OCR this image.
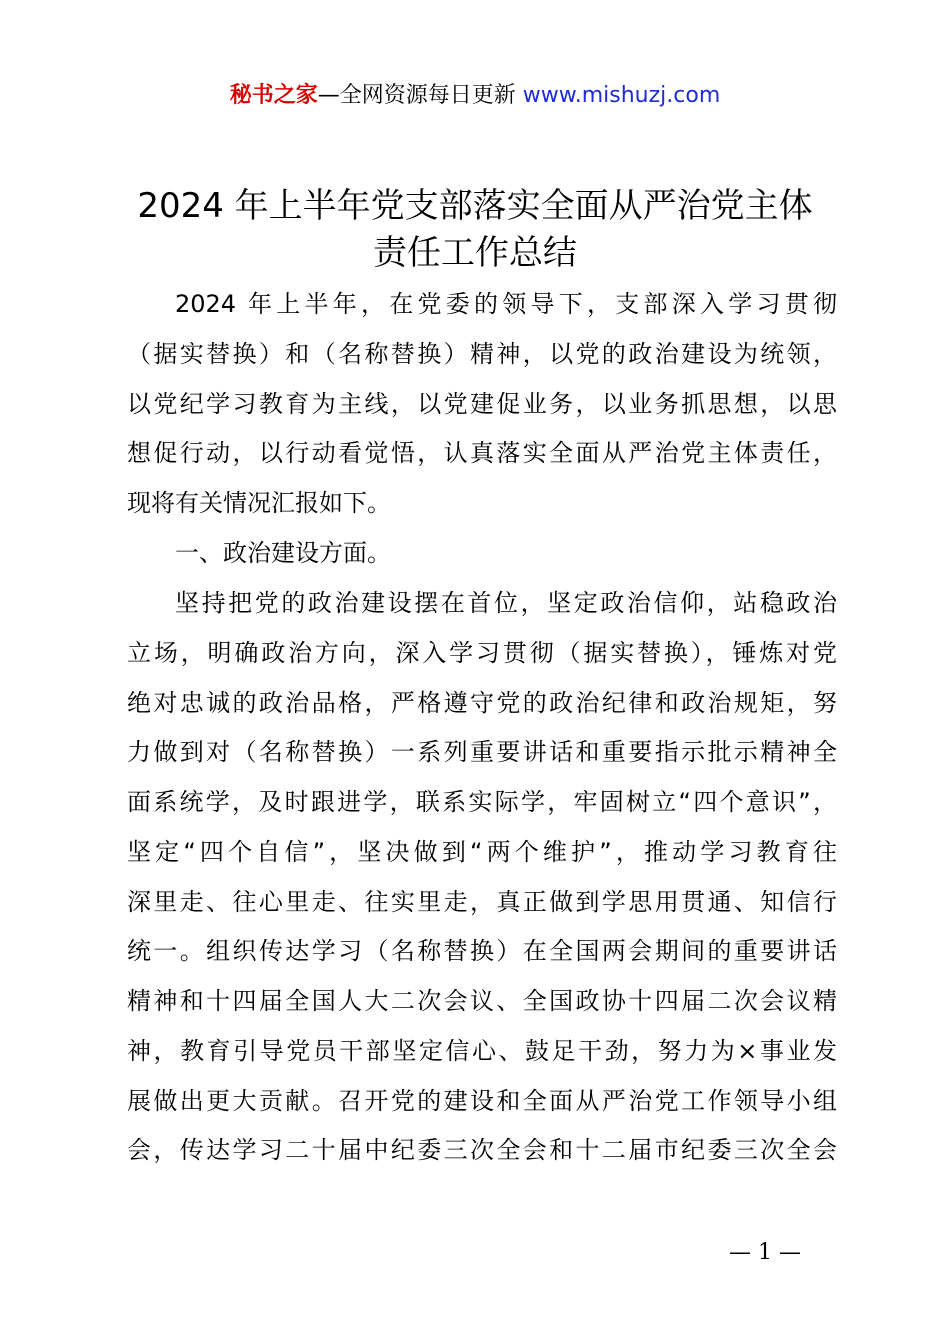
秘书之家—全网资源每日更新 www.mishuzj.com
2024 年上半年党支部落实全面从严治党主体
责任工作总结
2024 年上半年，在党委的领导下，支部深入学习贯彻
（据实替换）和（名称替换）精神，以党的政治建设为统领，
以党纪学习教育为主线，以党建促业务，以业务抓思想，以思
想促行动，以行动看觉悟，认真落实全面从严治党主体责任，
现将有关情况汇报如下。
一、政治建设方面。
坚持把党的政治建设摆在首位，坚定政治信仰，站稳政治
立场，明确政治方向，深入学习贯彻（据实替换），锤炼对党
绝对忠诚的政治品格，严格遵守党的政治纪律和政治规矩，努
力做到对（名称替换）一系列重要讲话和重要指示批示精神全
面系统学，及时跟进学，联系实际学，牢固树立“四个意识”，
坚定“四个自信”，坚决做到“两个维护”，推动学习教育往
深里走、往心里走、往实里走，真正做到学思用贯通、知信行
统一。组织传达学习（名称替换）在全国两会期间的重要讲话
精神和十四届全国人大二次会议、全国政协十四届二次会议精
神，教育引导党员干部坚定信心、鼓足干劲，努力为×事业发
展做出更大贡献。召开党的建设和全面从严治党工作领导小组
会，传达学习二十届中纪委三次全会和十二届市纪委三次全会
— 1 —
